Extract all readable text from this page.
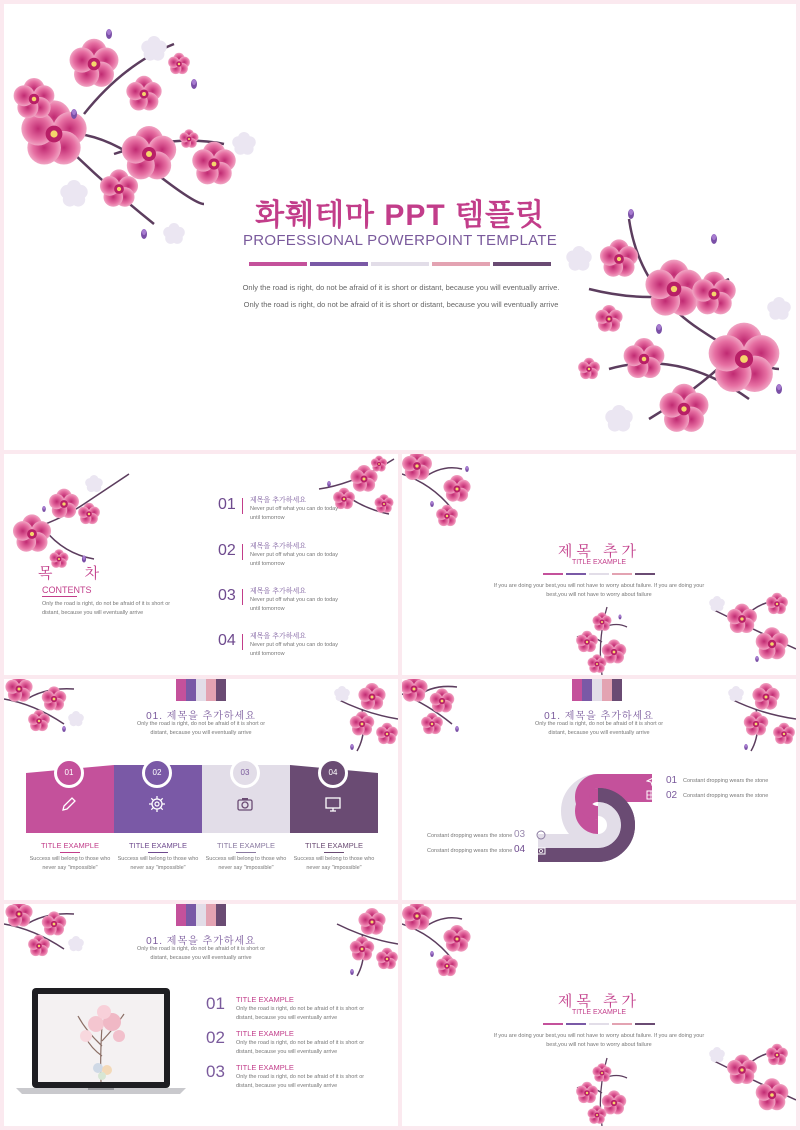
화훼테마 PPT 템플릿
PROFESSIONAL POWERPOINT TEMPLATE
Only the road is right, do not be afraid of it is short or distant, because you will eventually arrive. Only the road is right, do not be afraid of it is short or distant, because you will eventually arrive
목 차
CONTENTS
Only the road is right, do not be afraid of it is short or distant, because you will eventually arrive
01 제목을 추가하세요
Never put off what you can do today until tomorrow
02 제목을 추가하세요
Never put off what you can do today until tomorrow
03 제목을 추가하세요
Never put off what you can do today until tomorrow
04 제목을 추가하세요
Never put off what you can do today until tomorrow
제목 추가
TITLE EXAMPLE
If you are doing your best,you will not have to worry about failure. If you are doing your best,you will not have to worry about failure
01. 제목을 추가하세요
Only the road is right, do not be afraid of it is short or distant, because you will eventually arrive
01
TITLE EXAMPLE
Success will belong to those who never say "impossible"
02
TITLE EXAMPLE
Success will belong to those who never say "impossible"
03
TITLE EXAMPLE
Success will belong to those who never say "impossible"
04
TITLE EXAMPLE
Success will belong to those who never say "impossible"
01. 제목을 추가하세요
Only the road is right, do not be afraid of it is short or distant, because you will eventually arrive
01 Constant dropping wears the stone
02 Constant dropping wears the stone
Constant dropping wears the stone 03
Constant dropping wears the stone 04
01. 제목을 추가하세요
Only the road is right, do not be afraid of it is short or distant, because you will eventually arrive
01 TITLE EXAMPLE
Only the road is right, do not be afraid of it is short or distant, because you will eventually arrive
02 TITLE EXAMPLE
Only the road is right, do not be afraid of it is short or distant, because you will eventually arrive
03 TITLE EXAMPLE
Only the road is right, do not be afraid of it is short or distant, because you will eventually arrive
제목 추가
TITLE EXAMPLE
If you are doing your best,you will not have to worry about failure. If you are doing your best,you will not have to worry about failure
